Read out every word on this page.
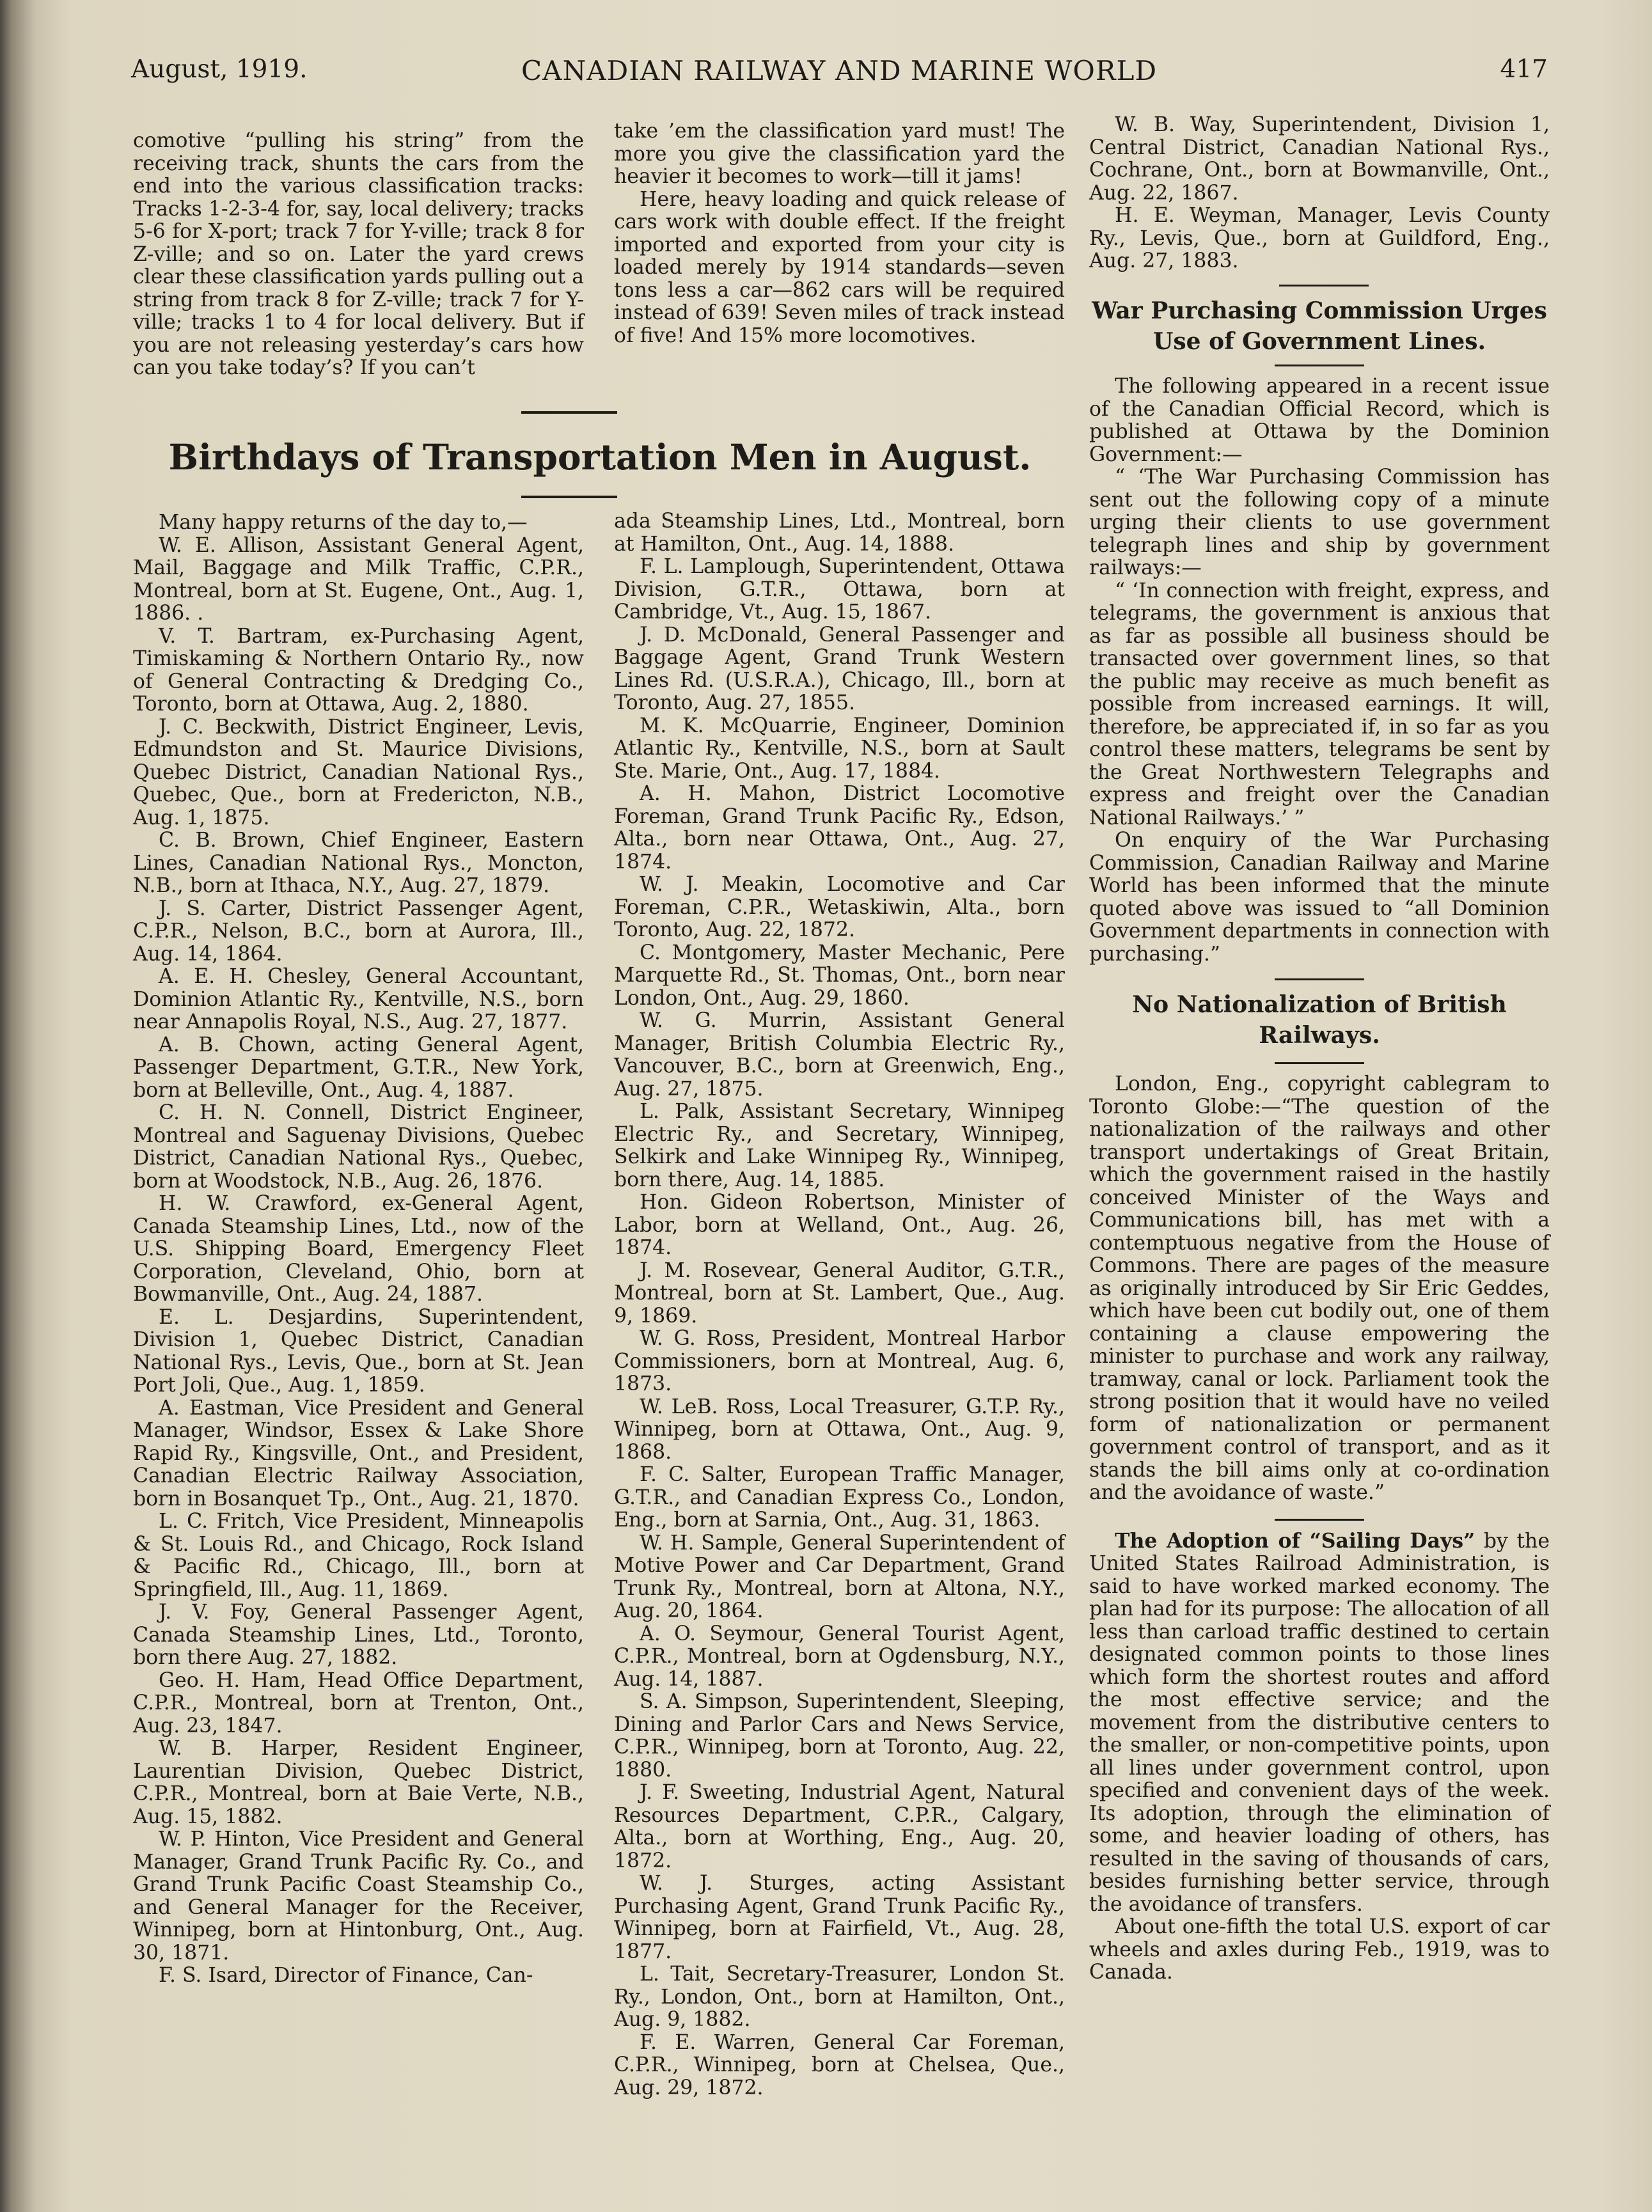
August, 1919.	CANADIAN RAILWAY AND MARINE WORLD	417

comotive “pulling his string” from the receiving track, shunts the cars from the end into the various classification tracks: Tracks 1-2-3-4 for, say, local delivery; tracks 5-6 for X-port; track 7 for Y-ville; track 8 for Z-ville; and so on. Later the yard crews clear these classification yards pulling out a string from track 8 for Z-ville; track 7 for Y-ville; tracks 1 to 4 for local delivery. But if you are not releasing yesterday’s cars how can you take today’s? If you can’t

take ’em the classification yard must! The more you give the classification yard the heavier it becomes to work—till it jams!

Here, heavy loading and quick release of cars work with double effect. If the freight imported and exported from your city is loaded merely by 1914 standards—seven tons less a car—862 cars will be required instead of 639! Seven miles of track instead of five! And 15% more locomotives.

W. B. Way, Superintendent, Division 1, Central District, Canadian National Rys., Cochrane, Ont., born at Bowmanville, Ont., Aug. 22, 1867.

H. E. Weyman, Manager, Levis County Ry., Levis, Que., born at Guildford, Eng., Aug. 27, 1883.

Birthdays of Transportation Men in August.

Many happy returns of the day to,—

W. E. Allison, Assistant General Agent, Mail, Baggage and Milk Traffic, C.P.R., Montreal, born at St. Eugene, Ont., Aug. 1, 1886. .

V. T. Bartram, ex-Purchasing Agent, Timiskaming & Northern Ontario Ry., now of General Contracting & Dredging Co., Toronto, born at Ottawa, Aug. 2, 1880.

J. C. Beckwith, District Engineer, Levis, Edmundston and St. Maurice Divisions, Quebec District, Canadian National Rys., Quebec, Que., born at Fredericton, N.B., Aug. 1, 1875.

C. B. Brown, Chief Engineer, Eastern Lines, Canadian National Rys., Moncton, N.B., born at Ithaca, N.Y., Aug. 27, 1879.

J. S. Carter, District Passenger Agent, C.P.R., Nelson, B.C., born at Aurora, Ill., Aug. 14, 1864.

A. E. H. Chesley, General Accountant, Dominion Atlantic Ry., Kentville, N.S., born near Annapolis Royal, N.S., Aug. 27, 1877.

A. B. Chown, acting General Agent, Passenger Department, G.T.R., New York, born at Belleville, Ont., Aug. 4, 1887.

C. H. N. Connell, District Engineer, Montreal and Saguenay Divisions, Quebec District, Canadian National Rys., Quebec, born at Woodstock, N.B., Aug. 26, 1876.

H. W. Crawford, ex-General Agent, Canada Steamship Lines, Ltd., now of the U.S. Shipping Board, Emergency Fleet Corporation, Cleveland, Ohio, born at Bowmanville, Ont., Aug. 24, 1887.

E. L. Desjardins, Superintendent, Division 1, Quebec District, Canadian National Rys., Levis, Que., born at St. Jean Port Joli, Que., Aug. 1, 1859.

A. Eastman, Vice President and General Manager, Windsor, Essex & Lake Shore Rapid Ry., Kingsville, Ont., and President, Canadian Electric Railway Association, born in Bosanquet Tp., Ont., Aug. 21, 1870.

L. C. Fritch, Vice President, Minneapolis & St. Louis Rd., and Chicago, Rock Island & Pacific Rd., Chicago, Ill., born at Springfield, Ill., Aug. 11, 1869.

J. V. Foy, General Passenger Agent, Canada Steamship Lines, Ltd., Toronto, born there Aug. 27, 1882.

Geo. H. Ham, Head Office Department, C.P.R., Montreal, born at Trenton, Ont., Aug. 23, 1847.

W. B. Harper, Resident Engineer, Laurentian Division, Quebec District, C.P.R., Montreal, born at Baie Verte, N.B., Aug. 15, 1882.

W. P. Hinton, Vice President and General Manager, Grand Trunk Pacific Ry. Co., and Grand Trunk Pacific Coast Steamship Co., and General Manager for the Receiver, Winnipeg, born at Hintonburg, Ont., Aug. 30, 1871.

F. S. Isard, Director of Finance, Can-

ada Steamship Lines, Ltd., Montreal, born at Hamilton, Ont., Aug. 14, 1888.

F. L. Lamplough, Superintendent, Ottawa Division, G.T.R., Ottawa, born at Cambridge, Vt., Aug. 15, 1867.

J. D. McDonald, General Passenger and Baggage Agent, Grand Trunk Western Lines Rd. (U.S.R.A.), Chicago, Ill., born at Toronto, Aug. 27, 1855.

M. K. McQuarrie, Engineer, Dominion Atlantic Ry., Kentville, N.S., born at Sault Ste. Marie, Ont., Aug. 17, 1884.

A. H. Mahon, District Locomotive Foreman, Grand Trunk Pacific Ry., Edson, Alta., born near Ottawa, Ont., Aug. 27, 1874.

W. J. Meakin, Locomotive and Car Foreman, C.P.R., Wetaskiwin, Alta., born Toronto, Aug. 22, 1872.

C. Montgomery, Master Mechanic, Pere Marquette Rd., St. Thomas, Ont., born near London, Ont., Aug. 29, 1860.

W. G. Murrin, Assistant General Manager, British Columbia Electric Ry., Vancouver, B.C., born at Greenwich, Eng., Aug. 27, 1875.

L. Palk, Assistant Secretary, Winnipeg Electric Ry., and Secretary, Winnipeg, Selkirk and Lake Winnipeg Ry., Winnipeg, born there, Aug. 14, 1885.

Hon. Gideon Robertson, Minister of Labor, born at Welland, Ont., Aug. 26, 1874.

J. M. Rosevear, General Auditor, G.T.R., Montreal, born at St. Lambert, Que., Aug. 9, 1869.

W. G. Ross, President, Montreal Harbor Commissioners, born at Montreal, Aug. 6, 1873.

W. LeB. Ross, Local Treasurer, G.T.P. Ry., Winnipeg, born at Ottawa, Ont., Aug. 9, 1868.

F. C. Salter, European Traffic Manager, G.T.R., and Canadian Express Co., London, Eng., born at Sarnia, Ont., Aug. 31, 1863.

W. H. Sample, General Superintendent of Motive Power and Car Department, Grand Trunk Ry., Montreal, born at Altona, N.Y., Aug. 20, 1864.

A. O. Seymour, General Tourist Agent, C.P.R., Montreal, born at Ogdensburg, N.Y., Aug. 14, 1887.

S. A. Simpson, Superintendent, Sleeping, Dining and Parlor Cars and News Service, C.P.R., Winnipeg, born at Toronto, Aug. 22, 1880.

J. F. Sweeting, Industrial Agent, Natural Resources Department, C.P.R., Calgary, Alta., born at Worthing, Eng., Aug. 20, 1872.

W. J. Sturges, acting Assistant Purchasing Agent, Grand Trunk Pacific Ry., Winnipeg, born at Fairfield, Vt., Aug. 28, 1877.

L. Tait, Secretary-Treasurer, London St. Ry., London, Ont., born at Hamilton, Ont., Aug. 9, 1882.

F. E. Warren, General Car Foreman, C.P.R., Winnipeg, born at Chelsea, Que., Aug. 29, 1872.

War Purchasing Commission Urges Use of Government Lines.

The following appeared in a recent issue of the Canadian Official Record, which is published at Ottawa by the Dominion Government:—

“ ‘The War Purchasing Commission has sent out the following copy of a minute urging their clients to use government telegraph lines and ship by government railways:—

“ ‘In connection with freight, express, and telegrams, the government is anxious that as far as possible all business should be transacted over government lines, so that the public may receive as much benefit as possible from increased earnings. It will, therefore, be appreciated if, in so far as you control these matters, telegrams be sent by the Great Northwestern Telegraphs and express and freight over the Canadian National Railways.’ ”

On enquiry of the War Purchasing Commission, Canadian Railway and Marine World has been informed that the minute quoted above was issued to “all Dominion Government departments in connection with purchasing.”

No Nationalization of British Railways.

London, Eng., copyright cablegram to Toronto Globe:—“The question of the nationalization of the railways and other transport undertakings of Great Britain, which the government raised in the hastily conceived Minister of the Ways and Communications bill, has met with a contemptuous negative from the House of Commons. There are pages of the measure as originally introduced by Sir Eric Geddes, which have been cut bodily out, one of them containing a clause empowering the minister to purchase and work any railway, tramway, canal or lock. Parliament took the strong position that it would have no veiled form of nationalization or permanent government control of transport, and as it stands the bill aims only at co-ordination and the avoidance of waste.”

The Adoption of “Sailing Days” by the United States Railroad Administration, is said to have worked marked economy. The plan had for its purpose: The allocation of all less than carload traffic destined to certain designated common points to those lines which form the shortest routes and afford the most effective service; and the movement from the distributive centers to the smaller, or non-competitive points, upon all lines under government control, upon specified and convenient days of the week. Its adoption, through the elimination of some, and heavier loading of others, has resulted in the saving of thousands of cars, besides furnishing better service, through the avoidance of transfers.

About one-fifth the total U.S. export of car wheels and axles during Feb., 1919, was to Canada.
